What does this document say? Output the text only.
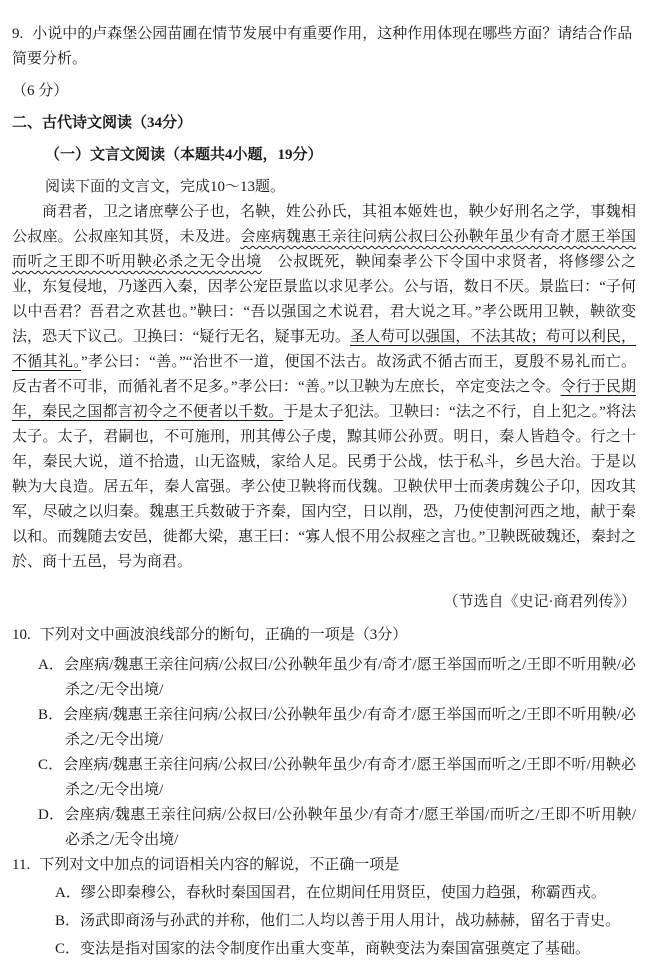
9. 小说中的卢森堡公园苗圃在情节发展中有重要作用，这种作用体现在哪些方面？请结合作品简要分析。

（6 分）

二、古代诗文阅读（34分）

（一）文言文阅读（本题共4小题，19分）

阅读下面的文言文，完成10～13题。

商君者，卫之诸庶孽公子也，名鞅，姓公孙氏，其祖本姬姓也，鞅少好刑名之学，事魏相公叔座。公叔座知其贤，未及进。会座病魏惠王亲往问病公叔曰公孙鞅年虽少有奇才愿王举国而听之王即不听用鞅必杀之无令出境　公叔既死，鞅闻秦孝公下令国中求贤者，将修缪公之业，东复侵地，乃遂西入秦，因孝公宠臣景监以求见孝公。公与语，数日不厌。景监曰：“子何以中吾君？吾君之欢甚也。”鞅曰：“吾以强国之术说君，君大说之耳。”孝公既用卫鞅，鞅欲变法，恐天下议己。卫换曰：“疑行无名，疑事无功。圣人苟可以强国，不法其故；苟可以利民，不循其礼。”孝公曰：“善。”“治世不一道，便国不法古。故汤武不循古而王，夏殷不易礼而亡。反古者不可非，而循礼者不足多。”孝公曰：“善。”以卫鞅为左庶长，卒定变法之令。令行于民期年，秦民之国都言初令之不便者以千数。于是太子犯法。卫鞅曰：“法之不行，自上犯之。”将法太子。太子，君嗣也，不可施刑，刑其傅公子虔，黥其师公孙贾。明日，秦人皆趋令。行之十年，秦民大说，道不拾遗，山无盗贼，家给人足。民勇于公战，怯于私斗，乡邑大治。于是以鞅为大良造。居五年，秦人富强。孝公使卫鞅将而伐魏。卫鞅伏甲士而袭虏魏公子卬，因攻其军，尽破之以归秦。魏惠王兵数破于齐秦，国内空，日以削，恐，乃使使割河西之地，献于秦以和。而魏随去安邑，徙都大梁，惠王曰：“寡人恨不用公叔痤之言也。”卫鞅既破魏还，秦封之於、商十五邑，号为商君。

（节选自《史记·商君列传》）

10. 下列对文中画波浪线部分的断句，正确的一项是（3分）

A．会座病/魏惠王亲往问病/公叔曰/公孙鞅年虽少有/奇才/愿王举国而听之/王即不听用鞅/必杀之/无令出境/

B．会座病/魏惠王亲往问病/公叔曰/公孙鞅年虽少/有奇才/愿王举国而听之/王即不听用鞅/必杀之/无令出境/

C．会座病/魏惠王亲往问病/公叔曰/公孙鞅年虽少/有奇才/愿王举国而听之/王即不听/用鞅必杀之/无令出境/

D．会座病/魏惠王亲往问病/公叔曰/公孙鞅年虽少/有奇才/愿王举国/而听之/王即不听用鞅/必杀之/无令出境/

11. 下列对文中加点的词语相关内容的解说，不正确一项是

A．缪公即秦穆公，春秋时秦国国君，在位期间任用贤臣，使国力趋强，称霸西戎。

B．汤武即商汤与孙武的并称，他们二人均以善于用人用计，战功赫赫，留名于青史。

C．变法是指对国家的法令制度作出重大变革，商鞅变法为秦国富强奠定了基础。
